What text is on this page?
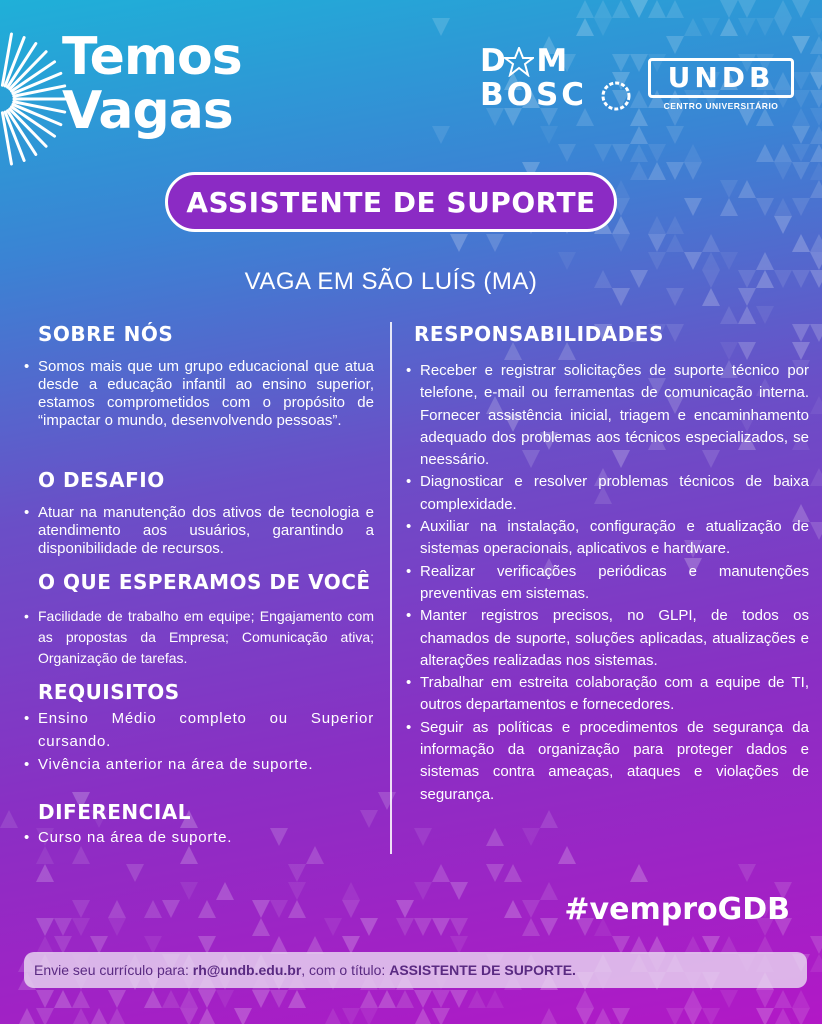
Temos
Vagas
D  M
BOSC	UNDB
CENTRO UNIVERSITÁRIO
ASSISTENTE DE SUPORTE
VAGA EM SÃO LUÍS (MA)
SOBRE NÓS
• Somos mais que um grupo educacional que atua desde a educação infantil ao ensino superior, estamos comprometidos com o propósito de “impactar o mundo, desenvolvendo pessoas”.
O DESAFIO
• Atuar na manutenção dos ativos de tecnologia e atendimento aos usuários, garantindo a disponibilidade de recursos.
O QUE ESPERAMOS DE VOCÊ
• Facilidade de trabalho em equipe; Engajamento com as propostas da Empresa; Comunicação ativa; Organização de tarefas.
REQUISITOS
• Ensino Médio completo ou Superior cursando.
• Vivência anterior na área de suporte.
DIFERENCIAL
• Curso na área de suporte.
RESPONSABILIDADES
• Receber e registrar solicitações de suporte técnico por telefone, e-mail ou ferramentas de comunicação interna. Fornecer assistência inicial, triagem e encaminhamento adequado dos problemas aos técnicos especializados, se neessário.
• Diagnosticar e resolver problemas técnicos de baixa complexidade.
• Auxiliar na instalação, configuração e atualização de sistemas operacionais, aplicativos e hardware.
• Realizar verificações periódicas e manutenções preventivas em sistemas.
• Manter registros precisos, no GLPI, de todos os chamados de suporte, soluções aplicadas, atualizações e alterações realizadas nos sistemas.
• Trabalhar em estreita colaboração com a equipe de TI, outros departamentos e fornecedores.
• Seguir as políticas e procedimentos de segurança da informação da organização para proteger dados e sistemas contra ameaças, ataques e violações de segurança.
#vemproGDB
Envie seu currículo para: rh@undb.edu.br , com o título: ASSISTENTE DE SUPORTE.
